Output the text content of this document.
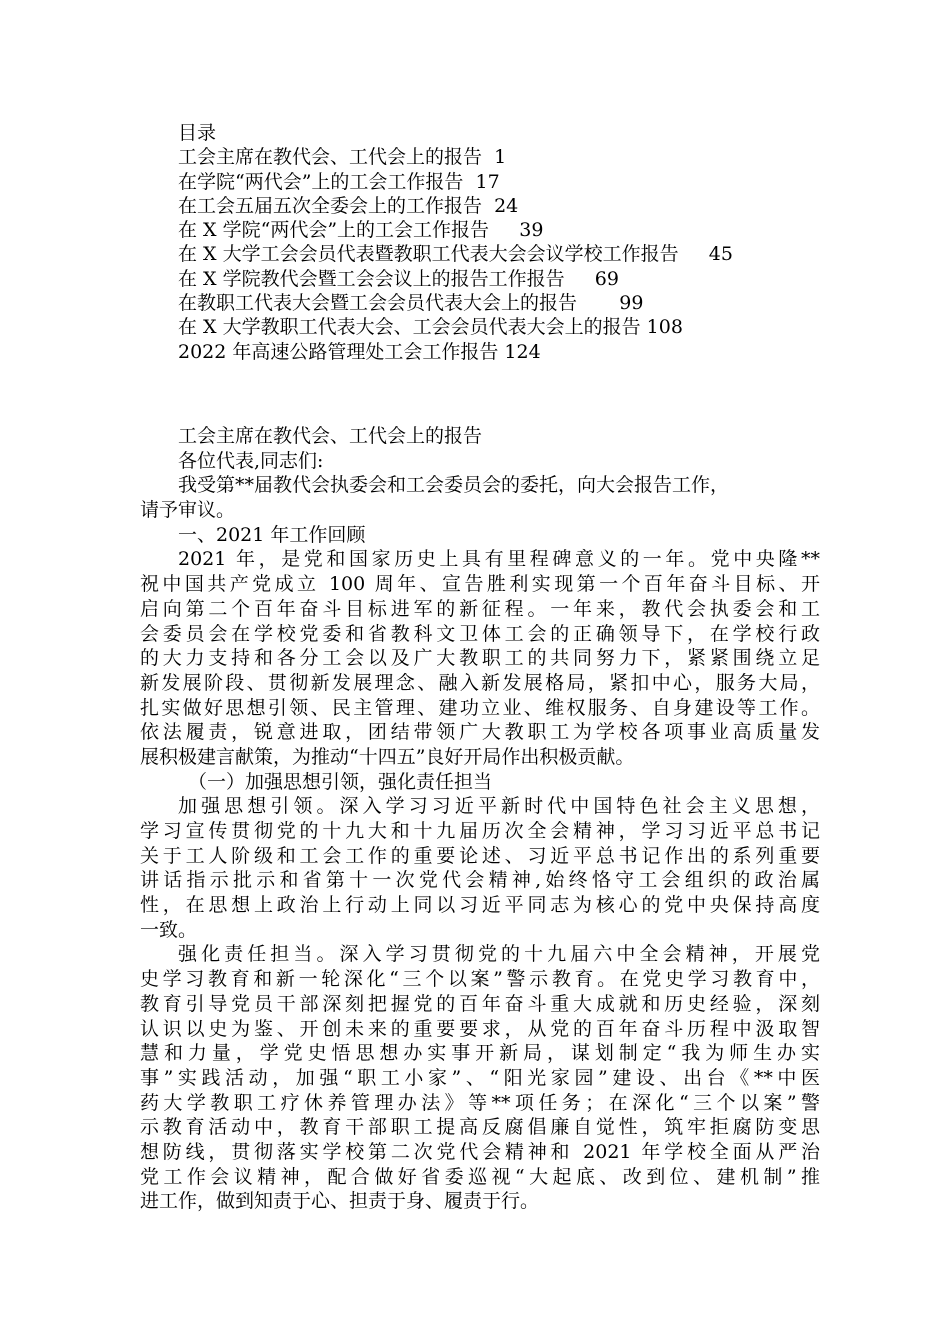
目录
工会主席在教代会、工代会上的报告  1
在学院“两代会”上的工会工作报告  17
在工会五届五次全委会上的工作报告  24
在 X 学院“两代会”上的工会工作报告     39
在 X 大学工会会员代表暨教职工代表大会会议学校工作报告     45
在 X 学院教代会暨工会会议上的报告工作报告     69
在教职工代表大会暨工会会员代表大会上的报告       99
在 X 大学教职工代表大会、工会会员代表大会上的报告 108
2022 年高速公路管理处工会工作报告 124
工会主席在教代会、工代会上的报告
各位代表,同志们:
我受第**届教代会执委会和工会委员会的委托，向大会报告工作，
请予审议。
一、2021 年工作回顾
2021 年，是党和国家历史上具有里程碑意义的一年。党中央隆**
祝中国共产党成立 100 周年、宣告胜利实现第一个百年奋斗目标、开
启向第二个百年奋斗目标进军的新征程。一年来，教代会执委会和工
会委员会在学校党委和省教科文卫体工会的正确领导下，在学校行政
的大力支持和各分工会以及广大教职工的共同努力下，紧紧围绕立足
新发展阶段、贯彻新发展理念、融入新发展格局，紧扣中心，服务大局，
扎实做好思想引领、民主管理、建功立业、维权服务、自身建设等工作。
依法履责，锐意进取，团结带领广大教职工为学校各项事业高质量发
展积极建言献策，为推动“十四五”良好开局作出积极贡献。
（一）加强思想引领，强化责任担当
加强思想引领。深入学习习近平新时代中国特色社会主义思想，
学习宣传贯彻党的十九大和十九届历次全会精神，学习习近平总书记
关于工人阶级和工会工作的重要论述、习近平总书记作出的系列重要
讲话指示批示和省第十一次党代会精神,始终恪守工会组织的政治属
性，在思想上政治上行动上同以习近平同志为核心的党中央保持高度
一致。
强化责任担当。深入学习贯彻党的十九届六中全会精神，开展党
史学习教育和新一轮深化“三个以案”警示教育。在党史学习教育中，
教育引导党员干部深刻把握党的百年奋斗重大成就和历史经验，深刻
认识以史为鉴、开创未来的重要要求，从党的百年奋斗历程中汲取智
慧和力量，学党史悟思想办实事开新局，谋划制定“我为师生办实
事”实践活动，加强“职工小家”、“阳光家园”建设、出台《**中医
药大学教职工疗休养管理办法》等**项任务；在深化“三个以案”警
示教育活动中，教育干部职工提高反腐倡廉自觉性，筑牢拒腐防变思
想防线，贯彻落实学校第二次党代会精神和 2021 年学校全面从严治
党工作会议精神，配合做好省委巡视“大起底、改到位、建机制”推
进工作，做到知责于心、担责于身、履责于行。
